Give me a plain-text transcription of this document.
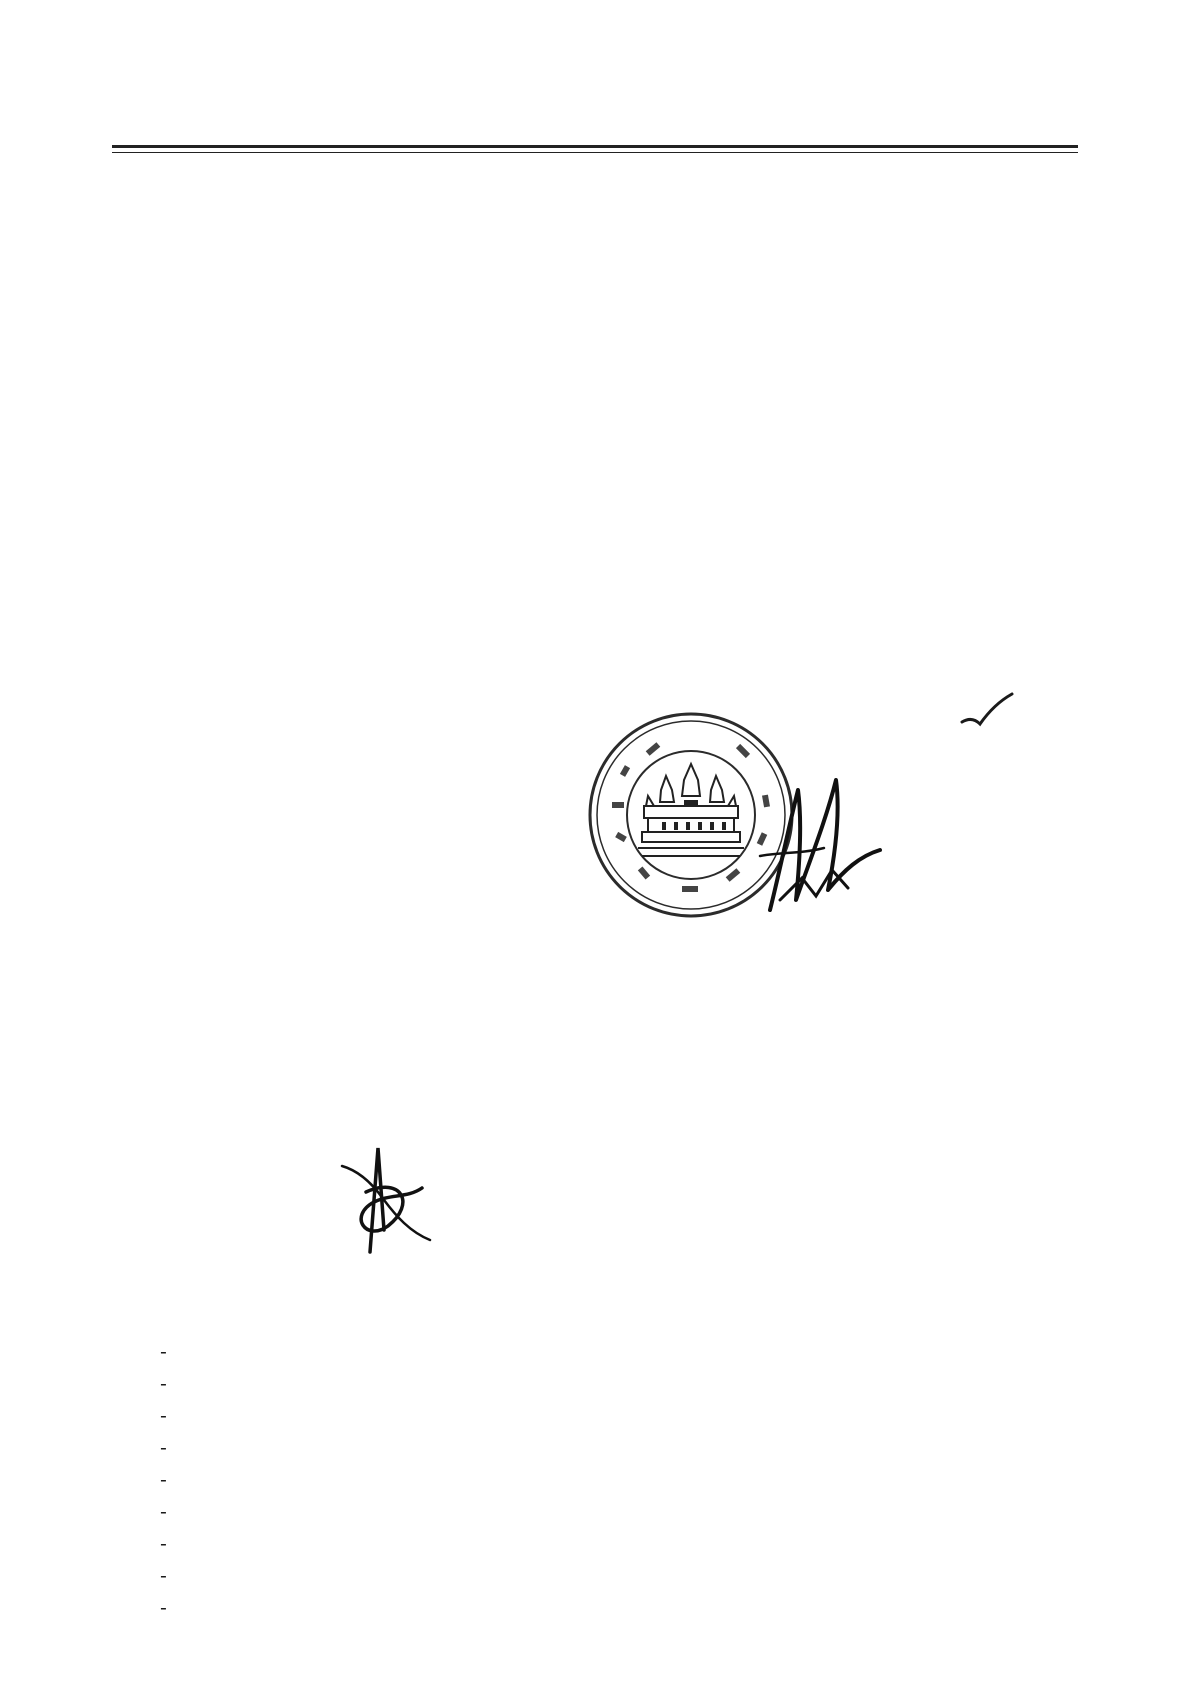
-
-
-
-
-
-
-
-
-
